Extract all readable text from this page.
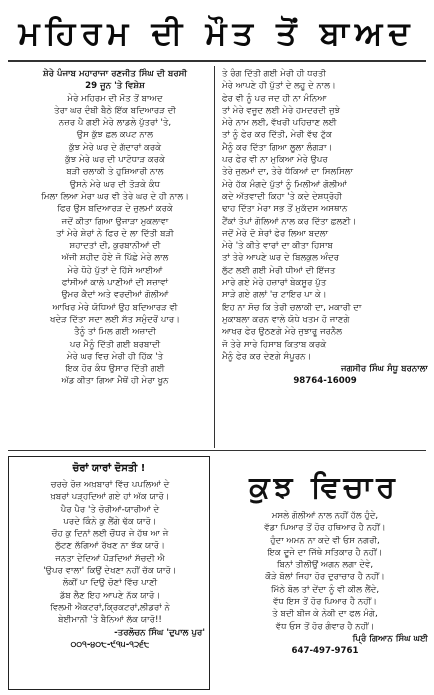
ਮਹਿਰਮ ਦੀ ਮੌਤ ਤੋਂ ਬਾਅਦ
ਸ਼ੇਰੇ ਪੰਜਾਬ ਮਹਾਰਾਜਾ ਰਣਜੀਤ ਸਿੰਘ ਦੀ ਬਰਸੀ
29 ਜੂਨ 'ਤੇ ਵਿਸ਼ੇਸ਼
ਮੇਰੇ ਮਹਿਰਮ ਦੀ ਮੌਤ ਤੋਂ ਬਾਅਦ
ਤੇਰਾ ਘਰ ਦੰਬੀ ਬੈਠੇ ਇੱਕ ਬਦਿਆਰੜ ਦੀ
ਨਜ਼ਰ ਪੈ ਗਈ ਮੇਰੇ ਲਾਡਲੇ ਪੁੱਤਰਾਂ 'ਤੇ,
ਉਸ ਕੁੱਝ ਛਲ ਕਪਟ ਨਾਲ
ਕੁੱਝ ਮੇਰੇ ਘਰ ਦੇ ਗੱਦਾਰਾਂ ਕਰਕੇ
ਕੁੱਝ ਮੇਰੇ ਘਰ ਦੀ ਪਾਟੋਧਾੜ ਕਰਕੇ
ਬੜੀ ਚਲਾਕੀ ਤੇ ਹੁਸ਼ਿਆਰੀ ਨਾਲ
ਉਸਨੇ ਮੇਰੇ ਘਰ ਦੀ ਤੋੜਕੇ ਕੰਧ
ਮਿਲਾ ਲਿਆ ਮੇਰਾ ਘਰ ਵੀ ਤੇਰੇ ਘਰ ਦੇ ਹੀ ਨਾਲ।
ਫਿਰ ਉਸ ਬਦਿਆਰੜ ਦੇ ਜ਼ੁਲਮਾਂ ਕਰਕੇ
ਜਦੋਂ ਕੀਤਾ ਗਿਆ ਉਜਾੜਾ ਮੁਕਲਾਵਾ
ਤਾਂ ਮੇਰੇ ਸ਼ੇਰਾਂ ਨੇ ਫਿਰ ਦੇ ਲਾ ਦਿੱਤੀ ਬੜੀ
ਸ਼ਹਾਦਤਾਂ ਦੀ, ਕੁਰਬਾਨੀਆਂ ਦੀ
ਅੱਜੀ ਸ਼ਹੀਦ ਹੋਏ ਜੋ ਪਿੱਛੇ ਮੇਰੇ ਲਾਲ
ਮੇਰੇ ਧੋਹੇ ਪੁੱਤਾਂ ਦੇ ਹਿੱਸੇ ਆਈਆਂ
ਫਾਂਸੀਆਂ ਕਾਲੇ ਪਾਣੀਆਂ ਦੀ ਸਜ਼ਾਵਾਂ
ਉਮਰ ਕੈਦਾਂ ਅਤੇ ਵਰਦੀਆਂ ਗੋਲੀਆਂ
ਆਖਿਰ ਮੇਰੇ ਯੋਧਿਆਂ ਉਹ ਬਦਿਆਰੜ ਵੀ
ਖਦੇੜ ਦਿੱਤਾ ਸਦਾ ਲਈ ਸੱਤ ਸਮੁੰਦਰੋਂ ਪਾਰ।
ਤੈਨੂੰ ਤਾਂ ਮਿਲ ਗਈ ਅਜ਼ਾਦੀ
ਪਰ ਮੈਨੂੰ ਦਿੱਤੀ ਗਈ ਬਰਬਾਦੀ
ਮੇਰੇ ਘਰ ਵਿਚ ਮੇਰੀ ਹੀ ਹਿੱਕ 'ਤੇ
ਇਕ ਹੋਰ ਕੰਧ ਉਸਾਰ ਦਿੱਤੀ ਗਈ
ਅੱਡ ਕੀਤਾ ਗਿਆ ਮੈਥੋਂ ਹੀ ਮੇਰਾ ਖੂਨ
ਤੇ ਰੰਗ ਦਿੱਤੀ ਗਈ ਮੇਰੀ ਹੀ ਧਰਤੀ
ਮੇਰੇ ਆਪਣੇ ਹੀ ਪੁੱਤਾਂ ਦੇ ਲਹੂ ਦੇ ਨਾਲ।
ਫੇਰ ਵੀ ਨੂੰ ਪਰ ਜਦ ਹੀ ਨਾ ਮੰਨਿਆ
ਤਾਂ ਮੇਰੇ ਵਜੂਦ ਲਈ ਮੇਰੇ ਹਮਦਰਦੀ ਜੁਝੇ
ਮੇਰੇ ਨਾਮ ਲਈ, ਵੱਖਰੀ ਪਹਿਚਾਣ ਲਈ
ਤਾਂ ਨੂੰ ਫੇਰ ਕਰ ਦਿੱਤੀ, ਮੇਰੀ ਵੱਢ ਟੁੱਕ
ਮੈਨੂੰ ਕਰ ਦਿੱਤਾ ਗਿਆ ਲੂਲਾ ਲੰਗੜਾ।
ਪਰ ਫੇਰ ਵੀ ਨਾ ਮੁਕਿਆ ਮੇਰੇ ਉਪਰ
ਤੇਰੇ ਜੁਲਮਾਂ ਦਾ, ਤੇਰੇ ਧੱਕਿਆਂ ਦਾ ਸਿਲਸਿਲਾ
ਮੇਰੇ ਹੱਕ ਮੰਗਦੇ ਪੁੱਤਾਂ ਨੂੰ ਮਿਲੀਆਂ ਗੋਲੀਆਂ
ਕਦੇ ਅੱਤਵਾਦੀ ਕਿਹਾ 'ਤੇ ਕਦੇ ਦੇਸ਼ਧ੍ਰੋਹੀ
ਢਾਹ ਦਿੱਤਾ ਮੇਰਾ ਸਭ ਤੋਂ ਮੁਕੱਦਸ ਅਸਥਾਨ
ਟੈਂਕਾਂ ਤੋਪਾਂ ਗੋਲਿਆਂ ਨਾਲ ਕਰ ਦਿੱਤਾ ਛਲਣੀ।
ਜਦੋਂ ਮੇਰੇ ਦੋ ਸ਼ੇਰਾਂ ਫੇਰ ਲਿਆ ਬਦਲਾ
ਮੇਰੇ 'ਤੇ ਕੀਤੇ ਵਾਰਾਂ ਦਾ ਕੀਤਾ ਹਿਸਾਬ
ਤਾਂ ਤੇਰੇ ਆਪਣੇ ਘਰ ਦੇ ਬਿਲਕੁਲ ਅੰਦਰ
ਲੁੱਟ ਲਈ ਗਈ ਮੇਰੀ ਧੀਆਂ ਦੀ ਇੱਜਤ
ਮਾਰੇ ਗਏ ਮੇਰੇ ਹਜ਼ਾਰਾਂ ਬੇਕਸੂਰ ਪੁੱਤ
ਸਾੜੇ ਗਏ ਗਲਾਂ 'ਚ ਟਾਇਰ ਪਾ ਕੇ।
ਇਹ ਨਾ ਸੋਚ ਕਿ ਤੇਰੀ ਚਲਾਕੀ ਦਾ, ਮਕਾਰੀ ਦਾ
ਮੁਕਾਬਲਾ ਕਰਨ ਵਾਲੇ ਯੋਧੇ ਖਤਮ ਹੋ ਜਾਣਗੇ
ਆਖਰ ਫੇਰ ਉਠਣਗੇ ਮੇਰੇ ਜੁਝਾਰੂ ਜਰਨੈਲ
ਜੋ ਤੇਰੇ ਸਾਰੇ ਹਿਸਾਬ ਕਿਤਾਬ ਕਰਕੇ
ਮੈਨੂੰ ਫੇਰ ਕਰ ਦੇਣਗੇ ਸੰਪੂਰਨ।
ਜਗਸੀਰ ਸਿੰਘ ਸੰਧੂ ਬਰਨਾਲਾ
98764-16009
ਚੋਰਾਂ ਯਾਰਾਂ ਦੋਸਤੀ !
ਚਰਚੇ ਰੋਜ਼ ਅਖ਼ਬਾਰਾਂ ਵਿੱਚ ਪਪਲਿਆਂ ਦੇ
ਖ਼ਬਰਾਂ ਪੜ੍ਹਦਿਆਂ ਗਏ ਹਾਂ ਅੱਕ ਯਾਰੋ।
ਪੈਰ ਪੈਰ 'ਤੇ ਚੋਰੀਆਂ-ਯਾਰੀਆਂ ਦੇ
ਪਰਦੇ ਕਿੰਨੇ ਕੁ ਲੈਂਗੇ ਢੱਕ ਯਾਰੋ।
ਚੌਹ ਕੁ ਦਿਨਾਂ ਲਈ ਚੌਧਰ ਜੇ ਹੱਥ ਆ ਜੇ
ਲੁੱਟਣ ਲੱਗਿਆਂ ਰੱਖਣ ਨਾ ਝੱਕ ਯਾਰੋ।
ਜਨਤਾ ਦੇਦਿਆਂ ਪੌੜਦਿਆਂ ਸੱਚਦੀ ਐ
'ਉਪਰ ਵਾਲਾ' ਕਿਉਂ ਦੇਖਣਾ ਨਹੀਂ ਚੱਕ ਯਾਰੋ।
ਲੋਕੀਂ ਪਾ ਦਿਉ ਚੋਣਾਂ ਵਿੱਚ ਪਾਣੀ
ਡੱਬ ਲੈਣ ਇਹ ਆਪਣੇ ਨੱਕ ਯਾਰੋ।
ਵਿਲਮੀ ਐਕਟਰਾਂ,ਕ੍ਰਿਕਟਰਾਂ,ਲੀਡਰਾਂ ਨੇ
ਬੇਈਮਾਨੀ 'ਤੇ ਬੈਨਿਆਂ ਲੱਕ ਯਾਰੋ!!
-ਤਰਲੋਚਨ ਸਿੰਘ 'ਦੁਪਾਲ ਪੁਰ'
੦੦੧-੪੦੮-੯੧੫-੧੨੬੮
ਕੁਝ ਵਿਚਾਰ
ਮਸਲੇ ਗੋਲੀਆਂ ਨਾਲ ਨਹੀਂ ਹੱਲ ਹੁੰਦੇ,
ਵੱਡਾ ਪਿਆਰ ਤੋਂ ਹੋਰ ਹਥਿਆਰ ਹੈ ਨਹੀਂ।
ਹੁੰਦਾ ਅਮਨ ਨਾ ਕਦੇ ਵੀ ਓਸ ਨਗਰੀ,
ਇਕ ਦੂਜੇ ਦਾ ਜਿੱਥੇ ਸਤਿਕਾਰ ਹੈ ਨਹੀਂ।
ਬਿਨਾਂ ਤੀਲੀਉਂ ਅਗਨ ਲਗਾ ਦੇਵੇ,
ਕੌੜੇ ਬੋਲਾਂ ਜਿਹਾ ਹੋਰ ਦੁਰਾਚਾਰ ਹੈ ਨਹੀਂ।
ਮਿੱਠੇ ਬੋਲ ਤਾਂ ਦੇਂਦਾ ਨੂੰ ਵੀ ਕੀਲ ਲੈਂਦੇ,
ਵੱਧ ਇਸ ਤੋਂ ਹੋਰ ਪਿਆਰ ਹੈ ਨਹੀਂ।
ਤੇ ਬਦੀ ਬੀਜ ਕੇ ਨੇਕੀ ਦਾ ਫਲ ਮੰਗੇ,
ਵੱਧ ਓਸ ਤੋਂ ਹੋਰ ਗੰਵਾਰ ਹੈ ਨਹੀਂ।
ਪ੍ਰਿੰ ਗਿਆਨ ਸਿੰਘ ਘਈ
647-497-9761
